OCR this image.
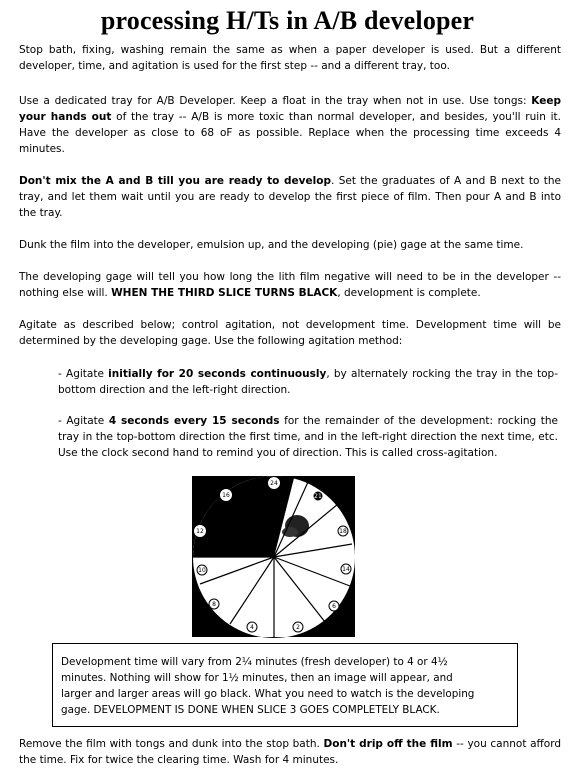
processing H/Ts in A/B developer

Stop bath, fixing, washing remain the same as when a paper developer is used. But a different developer, time, and agitation is used for the first step -- and a different tray, too.

Use a dedicated tray for A/B Developer. Keep a float in the tray when not in use. Use tongs: Keep your hands out of the tray -- A/B is more toxic than normal developer, and besides, you'll ruin it. Have the developer as close to 68 oF as possible. Replace when the processing time exceeds 4 minutes.

Don't mix the A and B till you are ready to develop. Set the graduates of A and B next to the tray, and let them wait until you are ready to develop the first piece of film. Then pour A and B into the tray.

Dunk the film into the developer, emulsion up, and the developing (pie) gage at the same time.

The developing gage will tell you how long the lith film negative will need to be in the developer -- nothing else will. WHEN THE THIRD SLICE TURNS BLACK, development is complete.

Agitate as described below; control agitation, not development time. Development time will be determined by the developing gage. Use the following agitation method:

- Agitate initially for 20 seconds continuously, by alternately rocking the tray in the top-bottom direction and the left-right direction.

- Agitate 4 seconds every 15 seconds for the remainder of the development: rocking the tray in the top-bottom direction the first time, and in the left-right direction the next time, etc. Use the clock second hand to remind you of direction. This is called cross-agitation.

24
16	21
12	18
10	14
8	6
4	2
Development time will vary from 2¼ minutes (fresh developer) to 4 or 4½
minutes. Nothing will show for 1½ minutes, then an image will appear, and
larger and larger areas will go black. What you need to watch is the developing
gage. DEVELOPMENT IS DONE WHEN SLICE 3 GOES COMPLETELY BLACK.

Remove the film with tongs and dunk into the stop bath. Don't drip off the film -- you cannot afford the time. Fix for twice the clearing time. Wash for 4 minutes.
